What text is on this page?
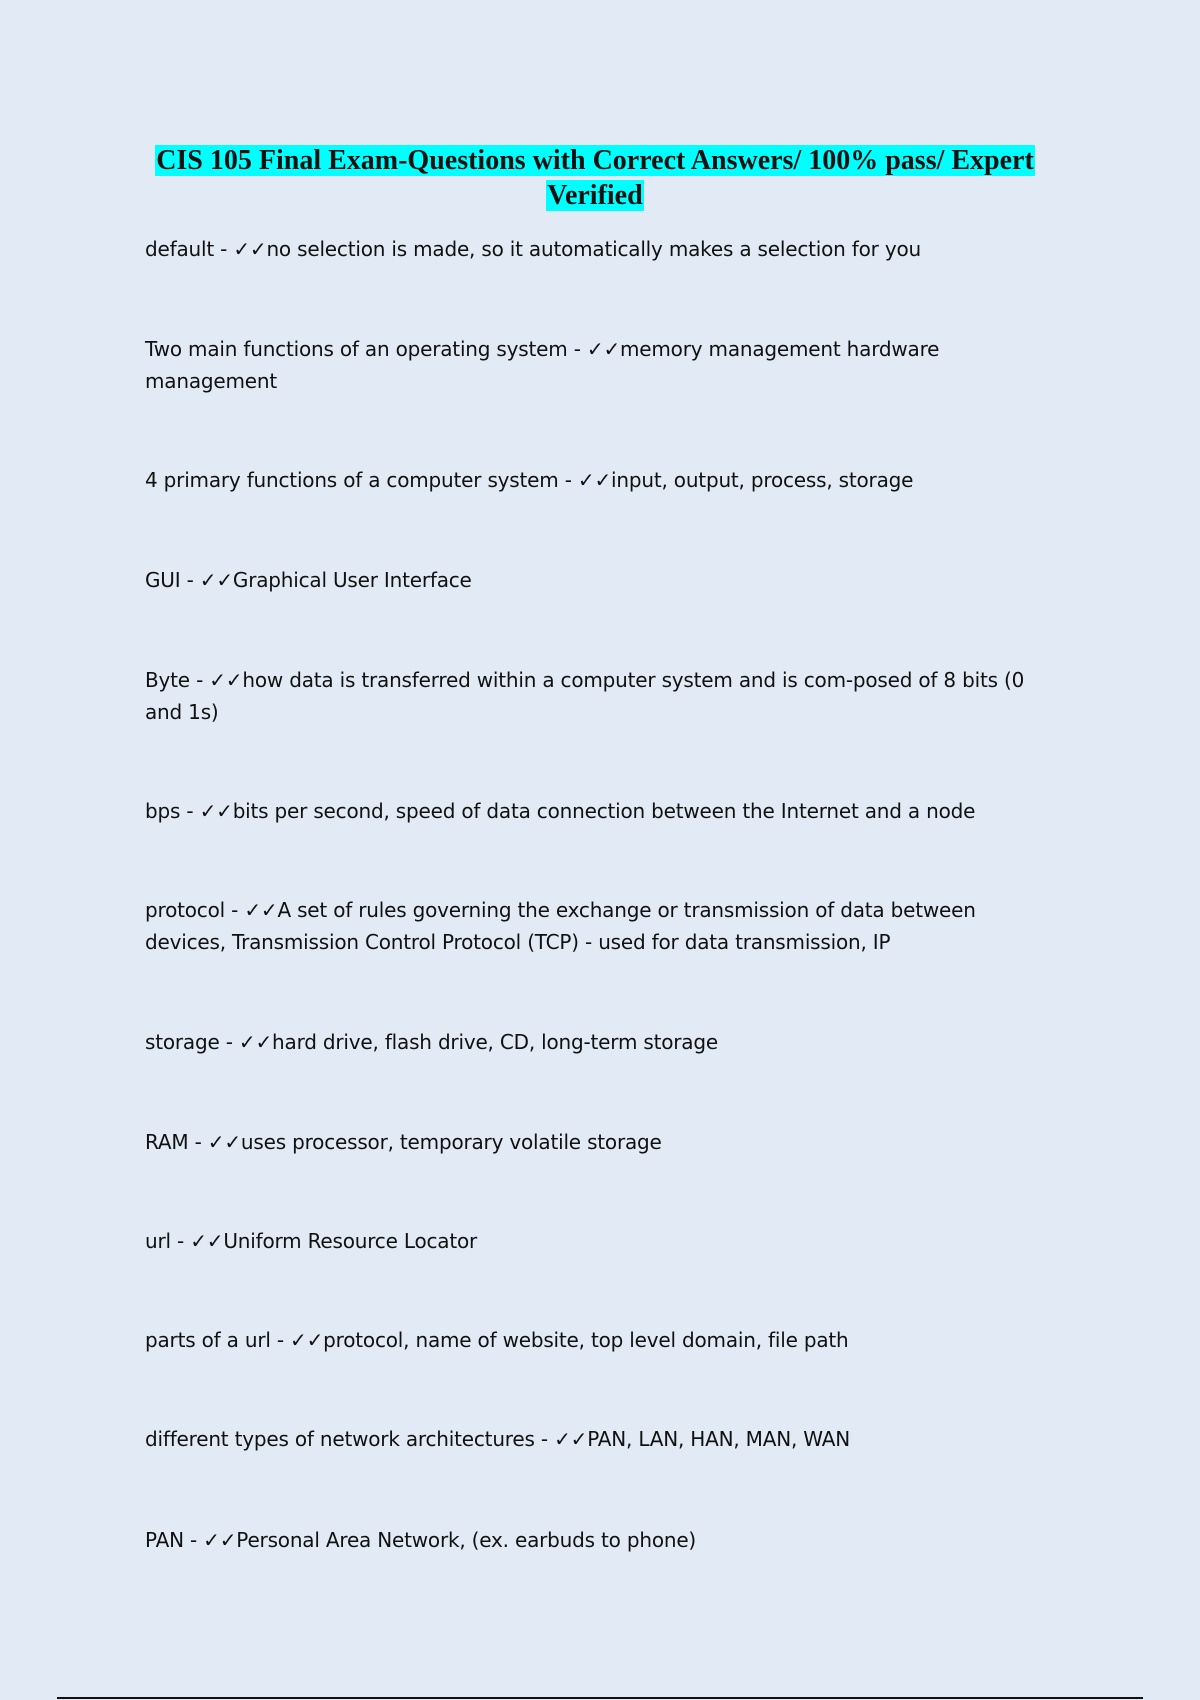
CIS 105 Final Exam-Questions with Correct Answers/ 100% pass/ Expert
Verified

default - ✓✓no selection is made, so it automatically makes a selection for you

Two main functions of an operating system - ✓✓memory management hardware management

4 primary functions of a computer system - ✓✓input, output, process, storage

GUI - ✓✓Graphical User Interface

Byte - ✓✓how data is transferred within a computer system and is com-posed of 8 bits (0 and 1s)

bps - ✓✓bits per second, speed of data connection between the Internet and a node

protocol - ✓✓A set of rules governing the exchange or transmission of data between devices, Transmission Control Protocol (TCP) - used for data transmission, IP

storage - ✓✓hard drive, flash drive, CD, long-term storage

RAM - ✓✓uses processor, temporary volatile storage

url - ✓✓Uniform Resource Locator

parts of a url - ✓✓protocol, name of website, top level domain, file path

different types of network architectures - ✓✓PAN, LAN, HAN, MAN, WAN

PAN - ✓✓Personal Area Network, (ex. earbuds to phone)
